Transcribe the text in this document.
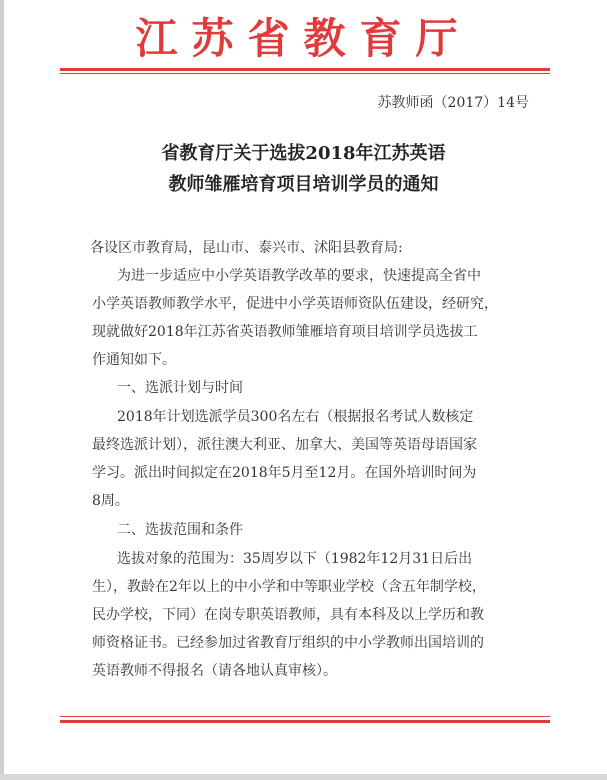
江苏省教育厅
苏教师函（2017）14号
省教育厅关于选拔2018年江苏英语
教师雏雁培育项目培训学员的通知
各设区市教育局，昆山市、泰兴市、沭阳县教育局:
为进一步适应中小学英语教学改革的要求，快速提高全省中
小学英语教师教学水平，促进中小学英语师资队伍建设，经研究，
现就做好2018年江苏省英语教师雏雁培育项目培训学员选拔工
作通知如下。
一、选派计划与时间
2018年计划选派学员300名左右（根据报名考试人数核定
最终选派计划），派往澳大利亚、加拿大、美国等英语母语国家
学习。派出时间拟定在2018年5月至12月。在国外培训时间为
8周。
二、选拔范围和条件
选拔对象的范围为：35周岁以下（1982年12月31日后出
生），教龄在2年以上的中小学和中等职业学校（含五年制学校，
民办学校，下同）在岗专职英语教师，具有本科及以上学历和教
师资格证书。已经参加过省教育厅组织的中小学教师出国培训的
英语教师不得报名（请各地认真审核）。
